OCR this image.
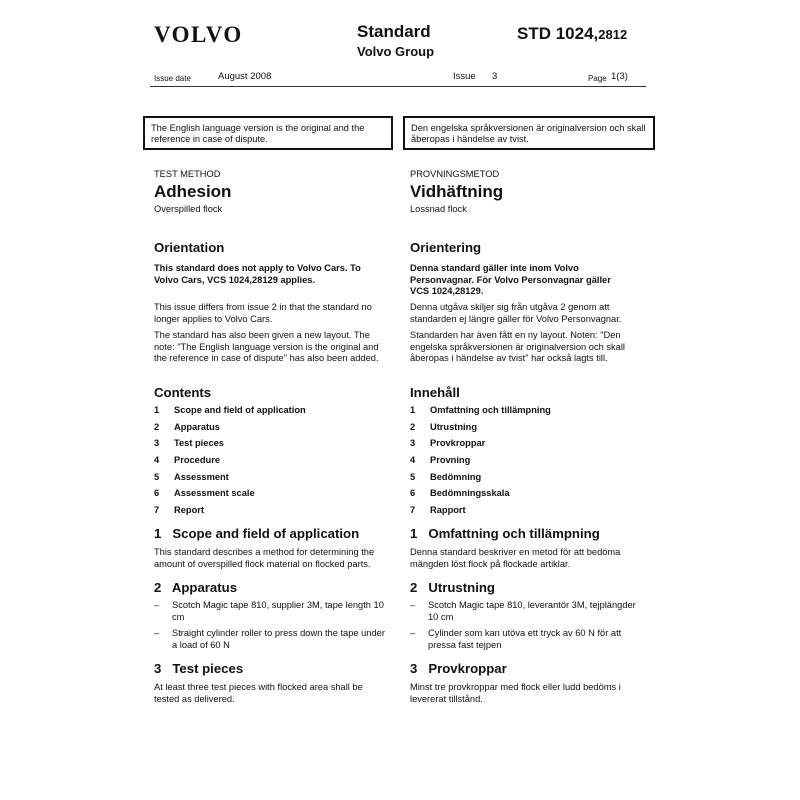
VOLVO	Standard
Volvo Group
STD 1024,2812
Issue date	August 2008	Issue 3	Page 1(3)
The English language version is the original and the reference in case of dispute.
Den engelska språkversionen är originalversion och skall åberopas i händelse av tvist.
TEST METHOD
Adhesion
Overspilled flock
Orientation
This standard does not apply to Volvo Cars. To Volvo Cars, VCS 1024,28129 applies.
This issue differs from issue 2 in that the standard no longer applies to Volvo Cars.
The standard has also been given a new layout. The note: "The English language version is the original and the reference in case of dispute" has also been added.
Contents
1	Scope and field of application
2	Apparatus
3	Test pieces
4	Procedure
5	Assessment
6	Assessment scale
7	Report
1   Scope and field of application
This standard describes a method for determining the amount of overspilled flock material on flocked parts.
2   Apparatus
–	Scotch Magic tape 810, supplier 3M, tape length 10 cm
–	Straight cylinder roller to press down the tape under a load of 60 N
3   Test pieces
At least three test pieces with flocked area shall be tested as delivered.
PROVNINGSMETOD
Vidhäftning
Lossnad flock
Orientering
Denna standard gäller inte inom Volvo Personvagnar. För Volvo Personvagnar gäller VCS 1024,28129.
Denna utgåva skiljer sig från utgåva 2 genom att standarden ej längre gäller för Volvo Personvagnar.
Standarden har även fått en ny layout. Noten: "Den engelska språkversionen är originalversion och skall åberopas i händelse av tvist" har också lagts till.
Innehåll
1	Omfattning och tillämpning
2	Utrustning
3	Provkroppar
4	Provning
5	Bedömning
6	Bedömningsskala
7	Rapport
1   Omfattning och tillämpning
Denna standard beskriver en metod för att bedöma mängden löst flock på flockade artiklar.
2   Utrustning
–	Scotch Magic tape 810, leverantör 3M, tejplängder 10 cm
–	Cylinder som kan utöva ett tryck av 60 N för att pressa fast tejpen
3   Provkroppar
Minst tre provkroppar med flock eller ludd bedöms i levererat tillstånd.
